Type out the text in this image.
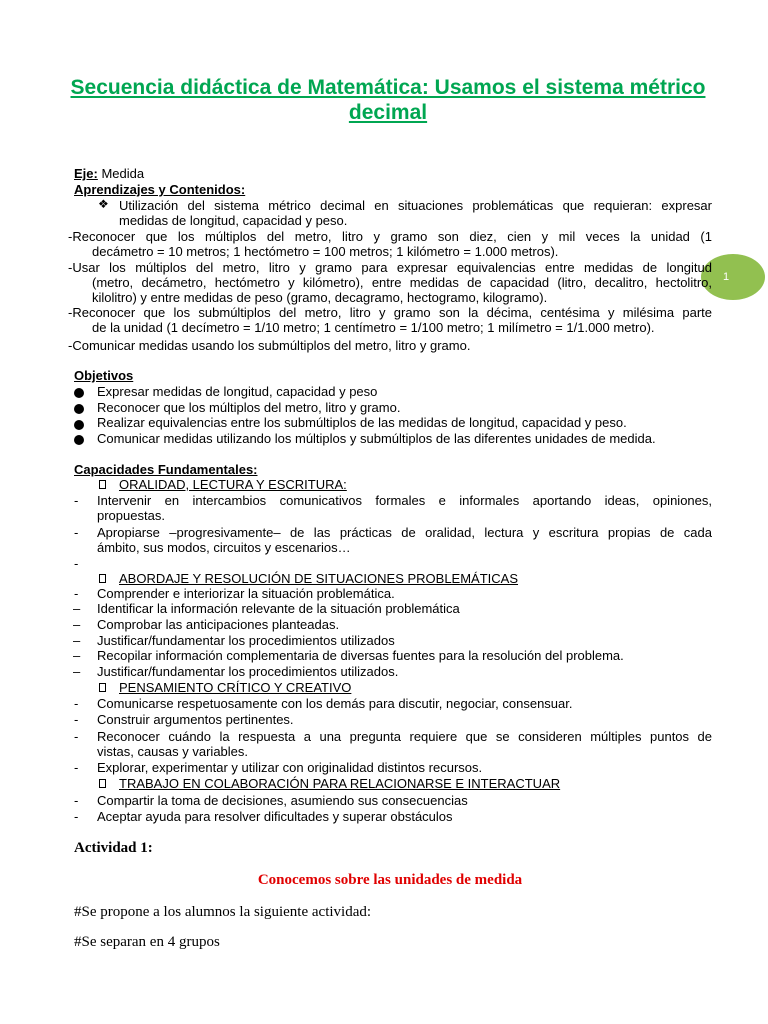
Secuencia didáctica de Matemática: Usamos el sistema métrico decimal
1
Eje: Medida
Aprendizajes y Contenidos:
❖ Utilización del sistema métrico decimal en situaciones problemáticas que requieran: expresar
medidas de longitud, capacidad y peso.
-Reconocer que los múltiplos del metro, litro y gramo son diez, cien y mil veces la unidad (1
decámetro = 10 metros; 1 hectómetro = 100 metros; 1 kilómetro = 1.000 metros).
-Usar los múltiplos del metro, litro y gramo para expresar equivalencias entre medidas de longitud
(metro, decámetro, hectómetro y kilómetro), entre medidas de capacidad (litro, decalitro, hectolitro,
kilolitro) y entre medidas de peso (gramo, decagramo, hectogramo, kilogramo).
-Reconocer que los submúltiplos del metro, litro y gramo son la décima, centésima y milésima parte
de la unidad (1 decímetro = 1/10 metro; 1 centímetro = 1/100 metro; 1 milímetro = 1/1.000 metro).
-Comunicar medidas usando los submúltiplos del metro, litro y gramo.
Objetivos
Expresar medidas de longitud, capacidad y peso
Reconocer que los múltiplos del metro, litro y gramo.
Realizar equivalencias entre los submúltiplos de las medidas de longitud, capacidad y peso.
Comunicar medidas utilizando los múltiplos y submúltiplos de las diferentes unidades de medida.
Capacidades Fundamentales:
ORALIDAD, LECTURA Y ESCRITURA:
- Intervenir en intercambios comunicativos formales e informales aportando ideas, opiniones,
propuestas.
- Apropiarse –progresivamente– de las prácticas de oralidad, lectura y escritura propias de cada
ámbito, sus modos, circuitos y escenarios…
-
ABORDAJE Y RESOLUCIÓN DE SITUACIONES PROBLEMÁTICAS
- Comprender e interiorizar la situación problemática.
– Identificar la información relevante de la situación problemática
– Comprobar las anticipaciones planteadas.
– Justificar/fundamentar los procedimientos utilizados
– Recopilar información complementaria de diversas fuentes para la resolución del problema.
– Justificar/fundamentar los procedimientos utilizados.
PENSAMIENTO CRÍTICO Y CREATIVO
- Comunicarse respetuosamente con los demás para discutir, negociar, consensuar.
- Construir argumentos pertinentes.
- Reconocer cuándo la respuesta a una pregunta requiere que se consideren múltiples puntos de
vistas, causas y variables.
- Explorar, experimentar y utilizar con originalidad distintos recursos.
TRABAJO EN COLABORACIÓN PARA RELACIONARSE E INTERACTUAR
- Compartir la toma de decisiones, asumiendo sus consecuencias
- Aceptar ayuda para resolver dificultades y superar obstáculos
Actividad 1:
Conocemos sobre las unidades de medida
#Se propone a los alumnos la siguiente actividad:
#Se separan en 4 grupos
